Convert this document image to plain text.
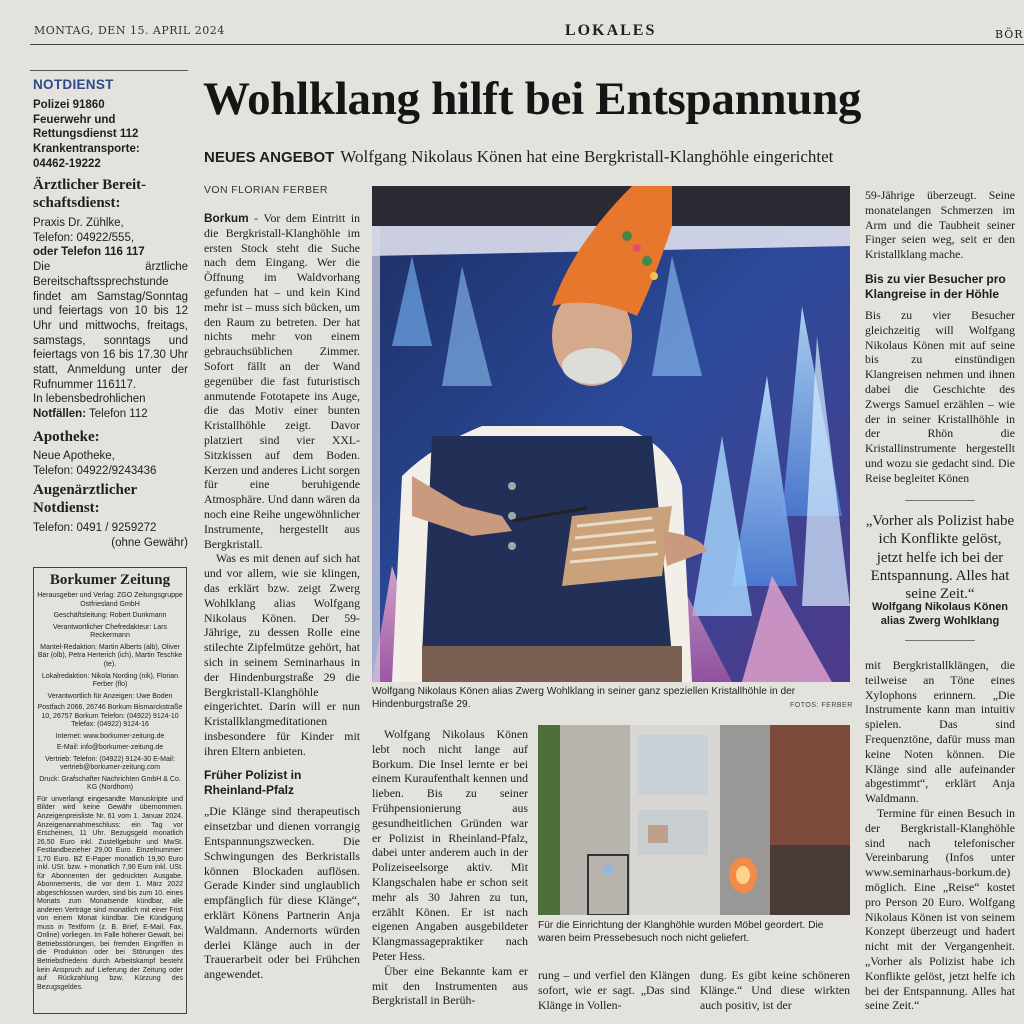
MONTAG, DEN 15. APRIL 2024	LOKALES	BÖR
NOTDIENST
Polizei 91860
Feuerwehr und
Rettungsdienst 112
Krankentransporte:
04462-19222
Ärztlicher Bereit-schaftsdienst:
Praxis Dr. Zühlke,
Telefon: 04922/555,
oder Telefon 116 117
Die ärztliche Bereitschaftssprechstunde findet am Samstag/Sonntag und feiertags von 10 bis 12 Uhr und mittwochs, freitags, samstags, sonntags und feiertags von 16 bis 17.30 Uhr statt, Anmeldung unter der Rufnummer 116117.
In lebensbedrohlichen
Notfällen: Telefon 112
Apotheke:
Neue Apotheke,
Telefon: 04922/9243436
Augenärztlicher Notdienst:
Telefon: 0491 / 9259272
(ohne Gewähr)
Borkumer Zeitung

Herausgeber und Verlag: ZGO Zeitungsgruppe Ostfriesland GmbH

Geschäftsleitung: Robert Dunkmann

Verantwortlicher Chefredakteur: Lars Reckermann

Mantel-Redaktion: Martin Alberts (alb), Oliver Bär (olb), Petra Herterich (ich), Martin Teschke (te).

Lokalredaktion: Nikola Nording (nik), Florian Ferber (flo)

Verantwortlich für Anzeigen: Uwe Boden

Postfach 2066, 26746 Borkum Bismarckstraße 10, 26757 Borkum Telefon: (04922) 9124-10 Telefax: (04922) 9124-16

Internet: www.borkumer-zeitung.de

E-Mail: info@borkumer-zeitung.de

Vertrieb: Telefon: (04922) 9124-30 E-Mail: vertrieb@borkumer-zeitung.com

Druck: Grafschafter Nachrichten GmbH & Co. KG (Nordhorn)

Für unverlangt eingesandte Manuskripte und Bilder wird keine Gewähr übernommen. Anzeigenpreisliste Nr. 61 vom 1. Januar 2024. Anzeigenannahmeschluss: ein Tag vor Erscheinen, 11 Uhr. Bezugsgeld monatlich 26,50 Euro inkl. Zustellgebühr und MwSt. Festlandbezieher 29,00 Euro. Einzelnummer: 1,70 Euro. BZ E-Paper monatlich 19,90 Euro inkl. USt. bzw. + monatlich 7,90 Euro inkl. USt. für Abonnenten der gedruckten Ausgabe. Abonnements, die vor dem 1. März 2022 abgeschlossen wurden, sind bis zum 10. eines Monats zum Monatsende kündbar, alle anderen Verträge sind monatlich mit einer Frist von einem Monat kündbar. Die Kündigung muss in Textform (z. B. Brief, E-Mail, Fax, Online) vorliegen. Im Falle höherer Gewalt, bei Betriebsstörungen, bei fremden Eingriffen in die Produktion oder bei Störungen des Betriebsfriedens durch Arbeitskampf besteht kein Anspruch auf Lieferung der Zeitung oder auf Rückzahlung bzw. Kürzung des Bezugsgeldes.

Wohlklang hilft bei Entspannung
NEUES ANGEBOT Wolfgang Nikolaus Könen hat eine Bergkristall-Klanghöhle eingerichtet
VON FLORIAN FERBER

Borkum - Vor dem Eintritt in die Bergkristall-Klanghöhle im ersten Stock steht die Suche nach dem Eingang. Wer die Öffnung im Waldvorhang gefunden hat – und kein Kind mehr ist – muss sich bücken, um den Raum zu betreten. Der hat nichts mehr von einem gebrauchsüblichen Zimmer. Sofort fällt an der Wand gegenüber die fast futuristisch anmutende Fototapete ins Auge, die das Motiv einer bunten Kristallhöhle zeigt. Davor platziert sind vier XXL-Sitzkissen auf dem Boden. Kerzen und anderes Licht sorgen für eine beruhigende Atmosphäre. Und dann wären da noch eine Reihe ungewöhnlicher Instrumente, hergestellt aus Bergkristall.

Was es mit denen auf sich hat und vor allem, wie sie klingen, das erklärt bzw. zeigt Zwerg Wohlklang alias Wolfgang Nikolaus Könen. Der 59-Jährige, zu dessen Rolle eine stilechte Zipfelmütze gehört, hat sich in seinem Seminarhaus in der Hindenburgstraße 29 die Bergkristall-Klanghöhle eingerichtet. Darin will er nun Kristallklangmeditationen insbesondere für Kinder mit ihren Eltern anbieten.

Früher Polizist in Rheinland-Pfalz

„Die Klänge sind therapeutisch einsetzbar und dienen vorrangig Entspannungszwecken. Die Schwingungen des Berkristalls können Blockaden auflösen. Gerade Kinder sind unglaublich empfänglich für diese Klänge“, erklärt Könens Partnerin Anja Waldmann. Andernorts würden derlei Klänge auch in der Trauerarbeit oder bei Frühchen angewendet.

Wolfgang Nikolaus Könen alias Zwerg Wohlklang in seiner ganz speziellen Kristallhöhle in der Hindenburgstraße 29.	FOTOS: FERBER

Wolfgang Nikolaus Könen lebt noch nicht lange auf Borkum. Die Insel lernte er bei einem Kuraufenthalt kennen und lieben. Bis zu seiner Frühpensionierung aus gesundheitlichen Gründen war er Polizist in Rheinland-Pfalz, dabei unter anderem auch in der Polizeiseelsorge aktiv. Mit Klangschalen habe er schon seit mehr als 30 Jahren zu tun, erzählt Könen. Er ist nach eigenen Angaben ausgebildeter Klangmassagepraktiker nach Peter Hess.

Über eine Bekannte kam er mit den Instrumenten aus Bergkristall in Berüh-

Für die Einrichtung der Klanghöhle wurden Möbel geordert. Die waren beim Pressebesuch noch nicht geliefert.

rung – und verfiel den Klängen sofort, wie er sagt. „Das sind Klänge in Vollen-

dung. Es gibt keine schöneren Klänge.“ Und diese wirkten auch positiv, ist der

59-Jährige überzeugt. Seine monatelangen Schmerzen im Arm und die Taubheit seiner Finger seien weg, seit er den Kristallklang mache.

Bis zu vier Besucher pro Klangreise in der Höhle

Bis zu vier Besucher gleichzeitig will Wolfgang Nikolaus Könen mit auf seine bis zu einstündigen Klangreisen nehmen und ihnen dabei die Geschichte des Zwergs Samuel erzählen – wie der in seiner Kristallhöhle in der Rhön die Kristallinstrumente hergestellt und wozu sie gedacht sind. Die Reise begleitet Könen

„Vorher als Polizist habe ich Konflikte gelöst, jetzt helfe ich bei der Entspannung. Alles hat seine Zeit.“
Wolfgang Nikolaus Könen alias Zwerg Wohlklang

mit Bergkristallklängen, die teilweise an Töne eines Xylophons erinnern. „Die Instrumente kann man intuitiv spielen. Das sind Frequenztöne, dafür muss man keine Noten können. Die Klänge sind alle aufeinander abgestimmt“, erklärt Anja Waldmann.

Termine für einen Besuch in der Bergkristall-Klanghöhle sind nach telefonischer Vereinbarung (Infos unter www.seminarhaus-borkum.de) möglich. Eine „Reise“ kostet pro Person 20 Euro. Wolfgang Nikolaus Könen ist von seinem Konzept überzeugt und hadert nicht mit der Vergangenheit. „Vorher als Polizist habe ich Konflikte gelöst, jetzt helfe ich bei der Entspannung. Alles hat seine Zeit.“
